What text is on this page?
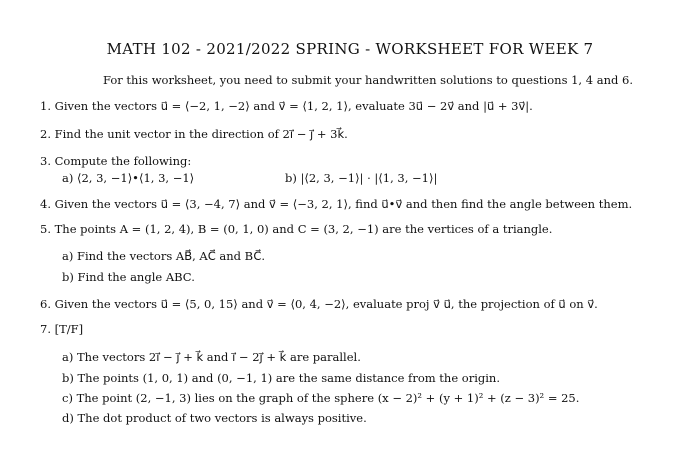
MATH 102 - 2021/2022 SPRING - WORKSHEET FOR WEEK 7
For this worksheet, you need to submit your handwritten solutions to questions 1, 4 and 6.
1. Given the vectors u⃗ = ⟨−2, 1, −2⟩ and v⃗ = ⟨1, 2, 1⟩, evaluate 3u⃗ − 2v⃗ and |u⃗ + 3v⃗|.
2. Find the unit vector in the direction of 2i⃗ − j⃗ + 3k⃗.
3. Compute the following:
a) ⟨2, 3, −1⟩•⟨1, 3, −1⟩	b) |⟨2, 3, −1⟩| · |⟨1, 3, −1⟩|
4. Given the vectors u⃗ = ⟨3, −4, 7⟩ and v⃗ = ⟨−3, 2, 1⟩, find u⃗•v⃗ and then find the angle between them.
5. The points A = (1, 2, 4), B = (0, 1, 0) and C = (3, 2, −1) are the vertices of a triangle.
a) Find the vectors AB⃗, AC⃗ and BC⃗.
b) Find the angle ABC.
6. Given the vectors u⃗ = ⟨5, 0, 15⟩ and v⃗ = ⟨0, 4, −2⟩, evaluate proj v⃗ u⃗, the projection of u⃗ on v⃗.
7. [T/F]
a) The vectors 2i⃗ − j⃗ + k⃗ and i⃗ − 2j⃗ + k⃗ are parallel.
b) The points (1, 0, 1) and (0, −1, 1) are the same distance from the origin.
c) The point (2, −1, 3) lies on the graph of the sphere (x − 2)² + (y + 1)² + (z − 3)² = 25.
d) The dot product of two vectors is always positive.
